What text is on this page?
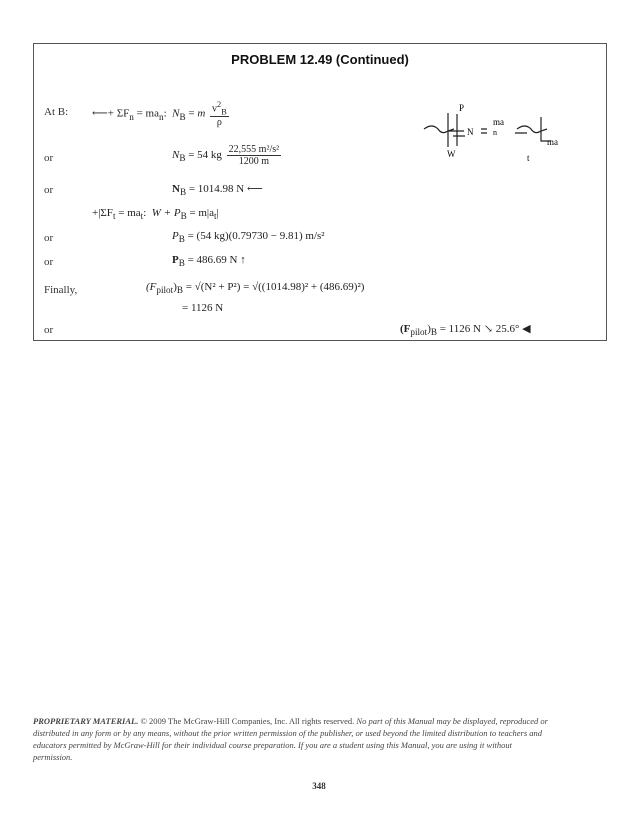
PROBLEM 12.49 (Continued)
At B: ⟵+ $\Sigma F_n = ma_n$:  $N_B = m \frac{v^2_B}{\rho}$
or	$N_B = 54$ kg $\frac{\text{22,555 m²/s²}}{1200 m}$
or	$N_B = 1014.98$ N ⟵
$+|\Sigma F_t = ma_t$:  $W + P_B = m|a_t|$
or	$P_B = (54$ kg)(0.79730 − 9.81) m/s²
or	$P_B = 486.69$ N ↑
Finally,	$(F_{pilot})_B = √(N^2 + P^2) = √((1014.98)^2 + (486.69)^2)$
= 1126 N
or	$(F_{pilot})_B = 1126$ N ↘ 25.6° ◀
P
N
W
ma
n
ma
t
PROPRIETARY MATERIAL. © 2009 The McGraw-Hill Companies, Inc. All rights reserved. No part of this Manual may be displayed, reproduced or distributed in any form or by any means, without the prior written permission of the publisher, or used beyond the limited distribution to teachers and educators permitted by McGraw-Hill for their individual course preparation. If you are a student using this Manual, you are using it without permission.
348
